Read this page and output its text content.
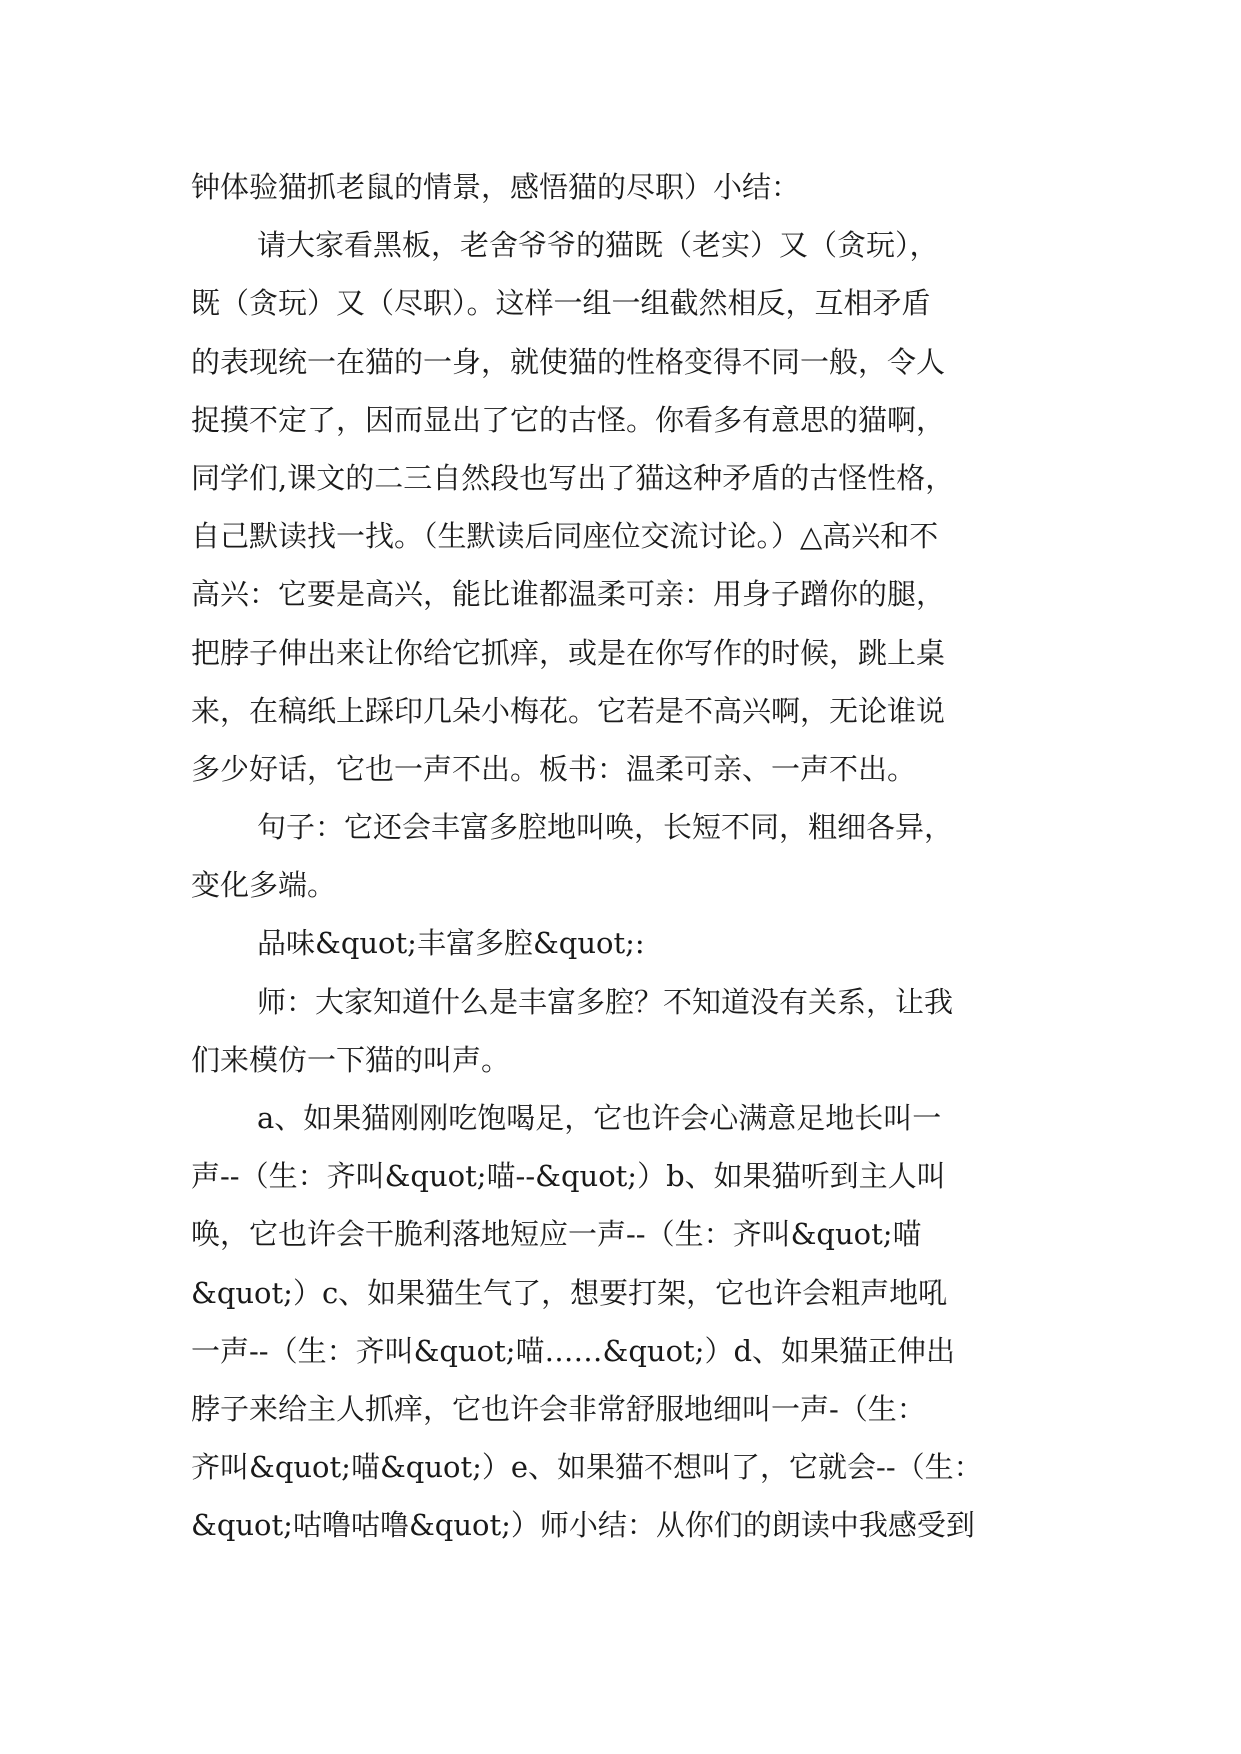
钟体验猫抓老鼠的情景，感悟猫的尽职）小结：
请大家看黑板，老舍爷爷的猫既（老实）又（贪玩），
既（贪玩）又（尽职）。这样一组一组截然相反，互相矛盾
的表现统一在猫的一身，就使猫的性格变得不同一般，令人
捉摸不定了，因而显出了它的古怪。你看多有意思的猫啊，
同学们,课文的二三自然段也写出了猫这种矛盾的古怪性格，
自己默读找一找。（生默读后同座位交流讨论。）△高兴和不
高兴：它要是高兴，能比谁都温柔可亲：用身子蹭你的腿，
把脖子伸出来让你给它抓痒，或是在你写作的时候，跳上桌
来，在稿纸上踩印几朵小梅花。它若是不高兴啊，无论谁说
多少好话，它也一声不出。板书：温柔可亲、一声不出。
句子：它还会丰富多腔地叫唤，长短不同，粗细各异，
变化多端。
品味&quot;丰富多腔&quot;:
师：大家知道什么是丰富多腔？不知道没有关系，让我
们来模仿一下猫的叫声。
a、如果猫刚刚吃饱喝足，它也许会心满意足地长叫一
声--（生：齐叫&quot;喵--&quot;）b、如果猫听到主人叫
唤，它也许会干脆利落地短应一声--（生：齐叫&quot;喵
&quot;）c、如果猫生气了，想要打架，它也许会粗声地吼
一声--（生：齐叫&quot;喵……&quot;）d、如果猫正伸出
脖子来给主人抓痒，它也许会非常舒服地细叫一声-（生：
齐叫&quot;喵&quot;）e、如果猫不想叫了，它就会--（生：
&quot;咕噜咕噜&quot;）师小结：从你们的朗读中我感受到
